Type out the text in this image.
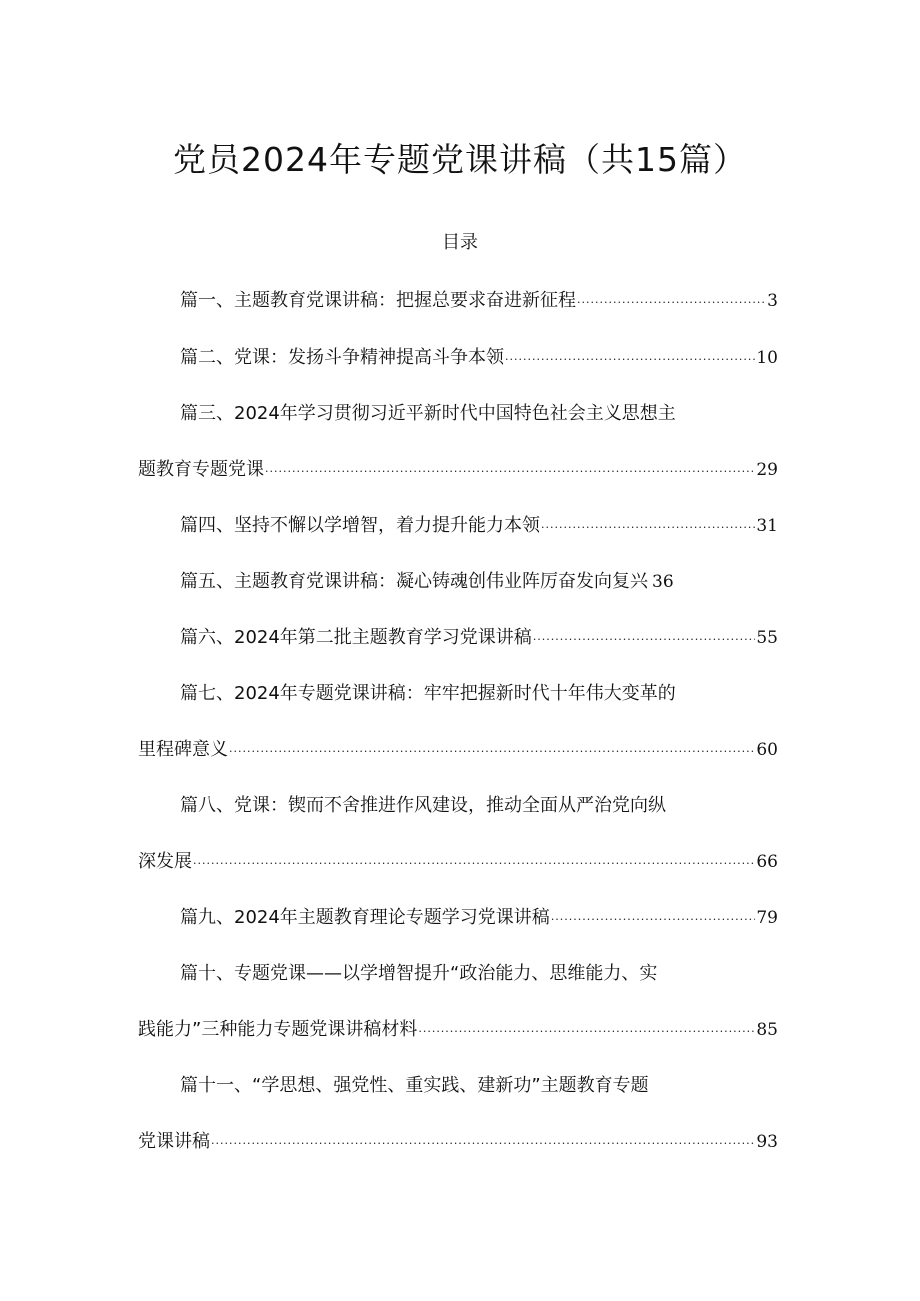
党员2024年专题党课讲稿（共15篇）
目录
篇一、主题教育党课讲稿：把握总要求奋进新征程 .....	3
篇二、党课：发扬斗争精神提高斗争本领 .....	10
篇三、2024年学习贯彻习近平新时代中国特色社会主义思想主
题教育专题党课 .....	29
篇四、坚持不懈以学增智，着力提升能力本领 .....	31
篇五、主题教育党课讲稿：凝心铸魂创伟业阵厉奋发向复兴 36
篇六、2024年第二批主题教育学习党课讲稿 .....	55
篇七、2024年专题党课讲稿：牢牢把握新时代十年伟大变革的
里程碑意义 .....	60
篇八、党课：锲而不舍推进作风建设，推动全面从严治党向纵
深发展 .....	66
篇九、2024年主题教育理论专题学习党课讲稿 .....	79
篇十、专题党课——以学增智提升“政治能力、思维能力、实
践能力”三种能力专题党课讲稿材料 .....	85
篇十一、“学思想、强党性、重实践、建新功”主题教育专题
党课讲稿 .....	93
